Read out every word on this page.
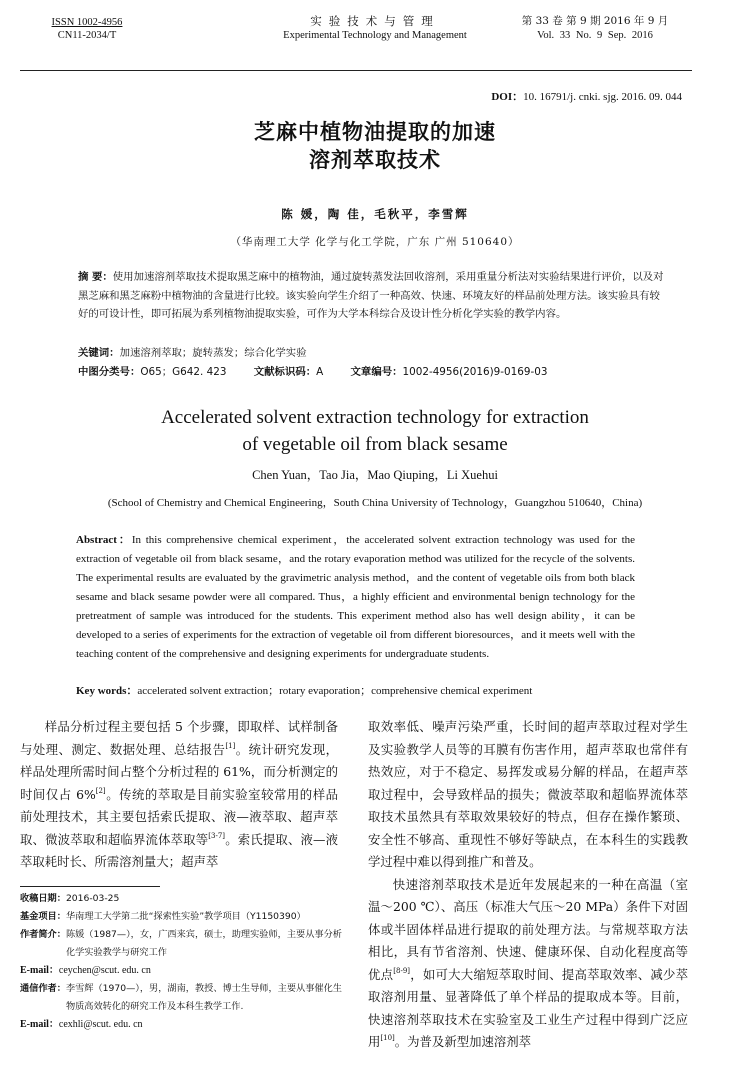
ISSN 1002-4956
CN11-2034/T
实验技术与管理
Experimental Technology and Management
第 33 卷 第 9 期 2016 年 9 月
Vol. 33 No. 9 Sep. 2016
DOI：10. 16791/j. cnki. sjg. 2016. 09. 044
芝麻中植物油提取的加速
溶剂萃取技术
陈 媛，陶 佳，毛秋平，李雪辉
（华南理工大学 化学与化工学院，广东 广州 510640）
摘 要：使用加速溶剂萃取技术提取黑芝麻中的植物油，通过旋转蒸发法回收溶剂，采用重量分析法对实验结果进行评价，以及对黑芝麻和黑芝麻粉中植物油的含量进行比较。该实验向学生介绍了一种高效、快速、环境友好的样品前处理方法。该实验具有较好的可设计性，即可拓展为系列植物油提取实验，可作为大学本科综合及设计性分析化学实验的教学内容。
关键词：加速溶剂萃取；旋转蒸发；综合化学实验
中图分类号：O65；G642. 423	文献标识码：A	文章编号：1002-4956(2016)9-0169-03
Accelerated solvent extraction technology for extraction
of vegetable oil from black sesame
Chen Yuan，Tao Jia，Mao Qiuping，Li Xuehui
(School of Chemistry and Chemical Engineering，South China University of Technology，Guangzhou 510640，China)
Abstract：In this comprehensive chemical experiment，the accelerated solvent extraction technology was used for the extraction of vegetable oil from black sesame，and the rotary evaporation method was utilized for the recycle of the solvents. The experimental results are evaluated by the gravimetric analysis method，and the content of vegetable oils from both black sesame and black sesame powder were all compared. Thus，a highly efficient and environmental benign technology for the pretreatment of sample was introduced for the students. This experiment method also has well design ability，it can be developed to a series of experiments for the extraction of vegetable oil from different bioresources，and it meets well with the teaching content of the comprehensive and designing experiments for undergraduate students.
Key words：accelerated solvent extraction；rotary evaporation；comprehensive chemical experiment

样品分析过程主要包括 5 个步骤，即取样、试样制备与处理、测定、数据处理、总结报告[1]。统计研究发现，样品处理所需时间占整个分析过程的 61%，而分析测定的时间仅占 6%[2]。传统的萃取是目前实验室较常用的样品前处理技术，其主要包括索氏提取、液—液萃取、超声萃取、微波萃取和超临界流体萃取等[3-7]。索氏提取、液—液萃取耗时长、所需溶剂量大；超声萃

取效率低、噪声污染严重，长时间的超声萃取过程对学生及实验教学人员等的耳膜有伤害作用，超声萃取也常伴有热效应，对于不稳定、易挥发或易分解的样品，在超声萃取过程中，会导致样品的损失；微波萃取和超临界流体萃取技术虽然具有萃取效果较好的特点，但存在操作繁琐、安全性不够高、重现性不够好等缺点，在本科生的实践教学过程中难以得到推广和普及。

快速溶剂萃取技术是近年发展起来的一种在高温（室温～200 ℃）、高压（标准大气压～20 MPa）条件下对固体或半固体样品进行提取的前处理方法。与常规萃取方法相比，具有节省溶剂、快速、健康环保、自动化程度高等优点[8-9]，如可大大缩短萃取时间、提高萃取效率、减少萃取溶剂用量、显著降低了单个样品的提取成本等。目前，快速溶剂萃取技术在实验室及工业生产过程中得到广泛应用[10]。为普及新型加速溶剂萃

收稿日期： 2016-03-25
基金项目： 华南理工大学第二批“探索性实验”教学项目（Y1150390）
作者简介： 陈媛（1987—），女，广西来宾，硕士，助理实验师，主要从事分析化学实验教学与研究工作
E-mail： ceychen@scut. edu. cn
通信作者： 李雪辉（1970—），男，湖南，教授、博士生导师，主要从事催化生物质高效转化的研究工作及本科生教学工作.
E-mail： cexhli@scut. edu. cn
